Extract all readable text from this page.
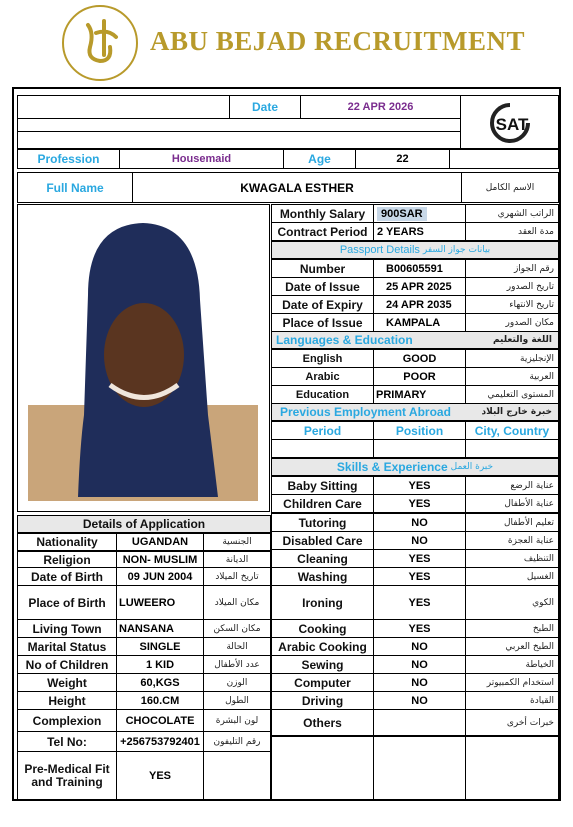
ABU BEJAD RECRUITMENT
Date	22 APR 2026
SAT
Profession	Housemaid	Age	22
Full Name	KWAGALA ESTHER	الاسم الكامل
Monthly Salary	900SAR	الراتب الشهري
Contract Period 2 YEARS	مدة العقد
Passport Details بيانات جواز السفر
Number	B00605591	رقم الجواز
Date of Issue	25 APR 2025	تاريخ الصدور
Date of Expiry	24 APR 2035	تاريخ الانتهاء
Place of Issue	KAMPALA	مكان الصدور
Languages & Education	اللغة والتعليم
English	GOOD	الإنجليزية
Arabic	POOR	العربية
Education	PRIMARY	المستوى التعليمي
Previous Employment Abroad	خبرة خارج البلاد
Period	Position	City, Country
Skills & Experience خبرة العمل
Baby Sitting	YES	عناية الرضع
Children Care	YES	عناية الأطفال
Tutoring	NO	تعليم الأطفال
Disabled Care	NO	عناية العجزة
Cleaning	YES	التنظيف
Washing	YES	الغسيل
Ironing	YES	الكوي
Cooking	YES	الطبخ
Arabic Cooking	NO	الطبخ العربي
Sewing	NO	الخياطة
Computer	NO	استخدام الكمبيوتر
Driving	NO	القيادة
Others	خبرات أخرى
Details of Application
Nationality	UGANDAN	الجنسية
Religion	NON- MUSLIM	الديانة
Date of Birth	09 JUN 2004	تاريخ الميلاد
Place of Birth	LUWEERO	مكان الميلاد
Living Town	NANSANA	مكان السكن
Marital Status	SINGLE	الحالة
No of Children	1 KID	عدد الأطفال
Weight	60,KGS	الوزن
Height	160.CM	الطول
Complexion	CHOCOLATE	لون البشرة
Tel No:	+256753792401	رقم التليفون
Pre-Medical Fit and Training	YES
